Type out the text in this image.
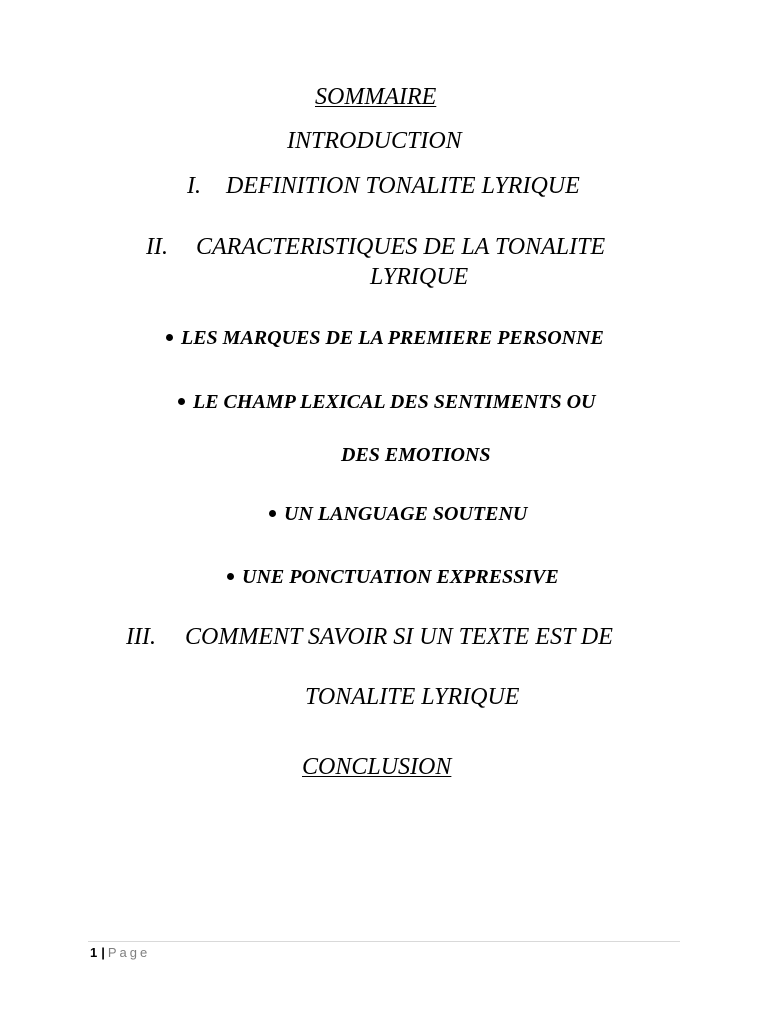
SOMMAIRE
INTRODUCTION
I. DEFINITION TONALITE LYRIQUE
II. CARACTERISTIQUES DE LA TONALITE
LYRIQUE
LES MARQUES DE LA PREMIERE PERSONNE
LE CHAMP LEXICAL DES SENTIMENTS OU
DES EMOTIONS
UN LANGUAGE SOUTENU
UNE PONCTUATION EXPRESSIVE
III. COMMENT SAVOIR SI UN TEXTE EST DE
TONALITE LYRIQUE
CONCLUSION
1 | Page
